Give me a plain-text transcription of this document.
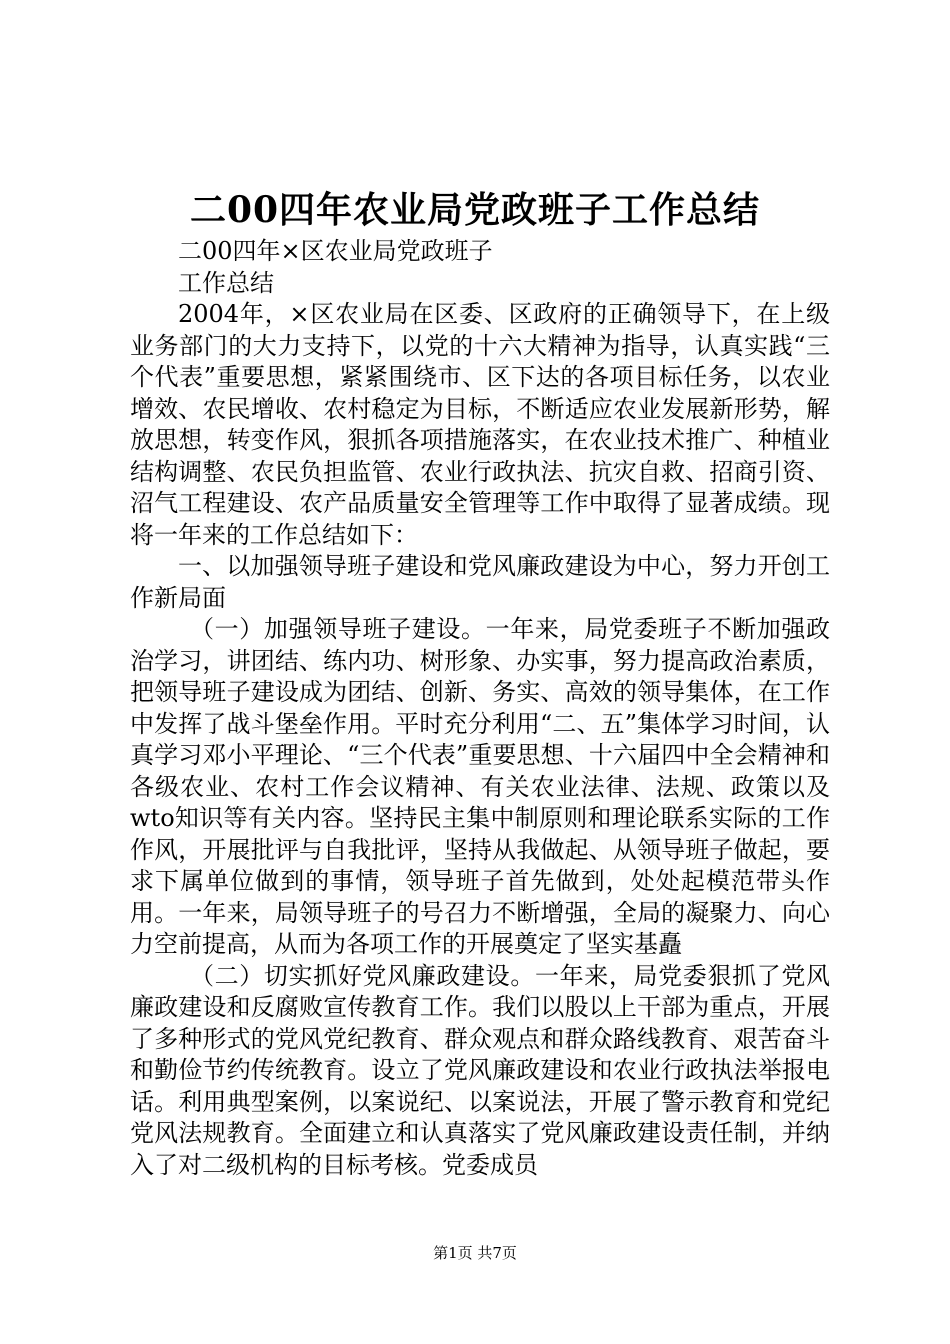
二00四年农业局党政班子工作总结

二00四年×区农业局党政班子

工作总结

2004年，×区农业局在区委、区政府的正确领导下，在上级业务部门的大力支持下，以党的十六大精神为指导，认真实践“三个代表”重要思想，紧紧围绕市、区下达的各项目标任务，以农业增效、农民增收、农村稳定为目标，不断适应农业发展新形势，解放思想，转变作风，狠抓各项措施落实，在农业技术推广、种植业结构调整、农民负担监管、农业行政执法、抗灾自救、招商引资、沼气工程建设、农产品质量安全管理等工作中取得了显著成绩。现将一年来的工作总结如下：

一、以加强领导班子建设和党风廉政建设为中心，努力开创工作新局面

（一）加强领导班子建设。一年来，局党委班子不断加强政治学习，讲团结、练内功、树形象、办实事，努力提高政治素质，把领导班子建设成为团结、创新、务实、高效的领导集体，在工作中发挥了战斗堡垒作用。平时充分利用“二、五”集体学习时间，认真学习邓小平理论、“三个代表”重要思想、十六届四中全会精神和各级农业、农村工作会议精神、有关农业法律、法规、政策以及wto知识等有关内容。坚持民主集中制原则和理论联系实际的工作作风，开展批评与自我批评，坚持从我做起、从领导班子做起，要求下属单位做到的事情，领导班子首先做到，处处起模范带头作用。一年来，局领导班子的号召力不断增强，全局的凝聚力、向心力空前提高，从而为各项工作的开展奠定了坚实基矗

（二）切实抓好党风廉政建设。一年来，局党委狠抓了党风廉政建设和反腐败宣传教育工作。我们以股以上干部为重点，开展了多种形式的党风党纪教育、群众观点和群众路线教育、艰苦奋斗和勤俭节约传统教育。设立了党风廉政建设和农业行政执法举报电话。利用典型案例，以案说纪、以案说法，开展了警示教育和党纪党风法规教育。全面建立和认真落实了党风廉政建设责任制，并纳入了对二级机构的目标考核。党委成员

第1页 共7页
